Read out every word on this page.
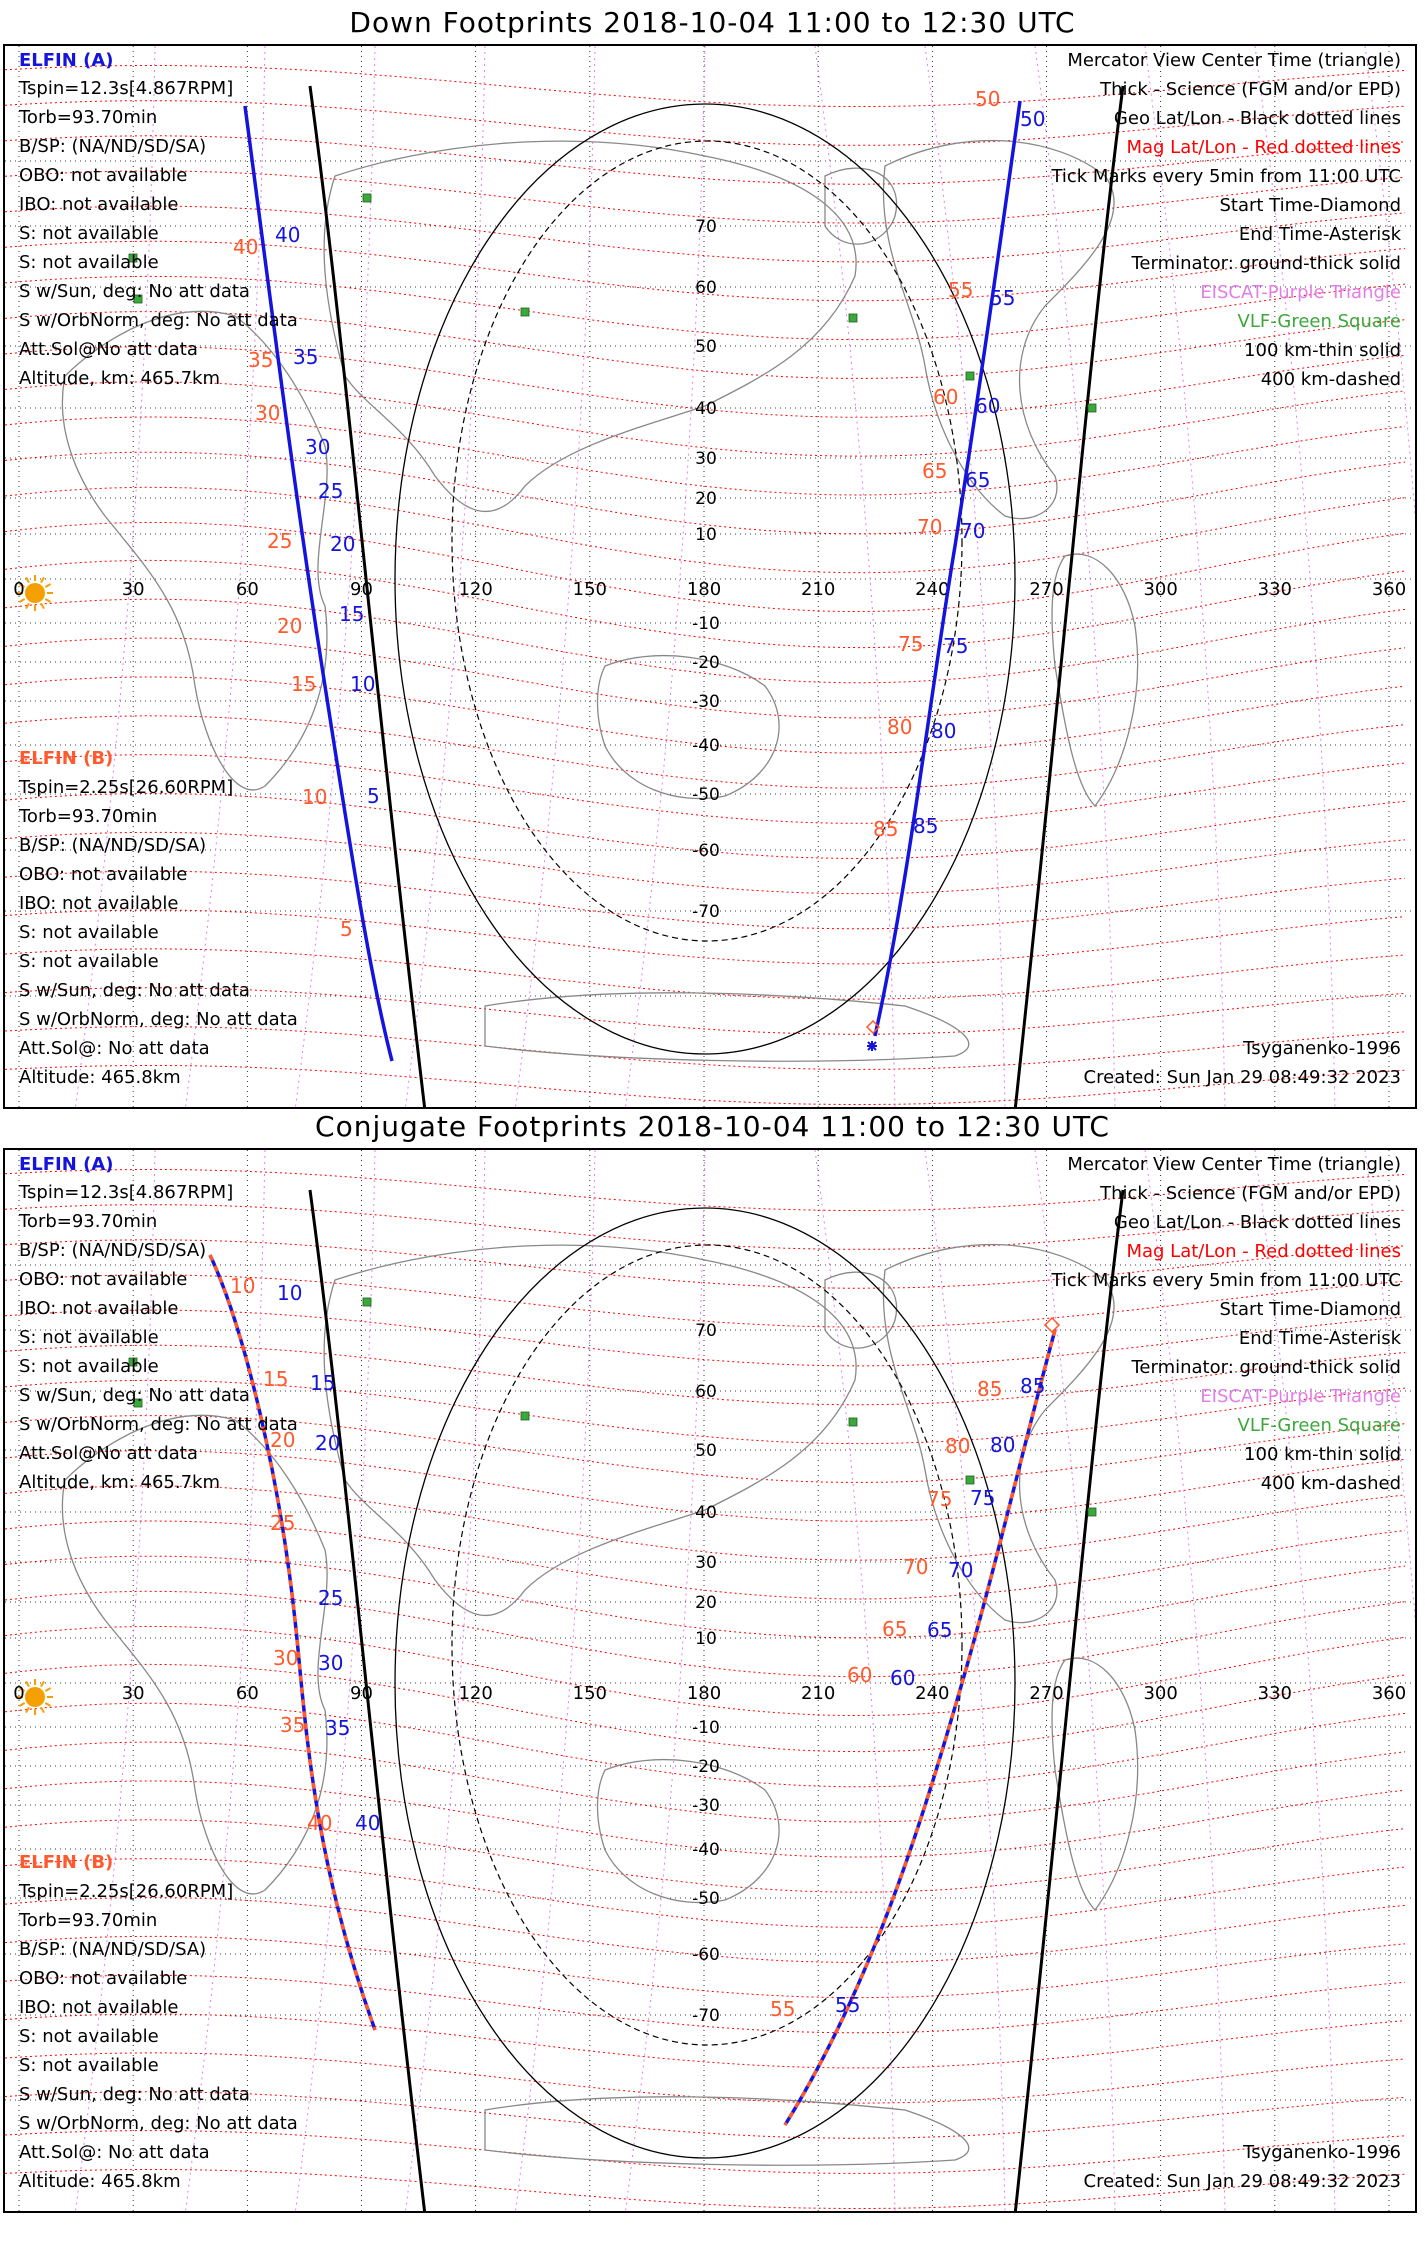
Down Footprints 2018-10-04 11:00 to 12:30 UTC
0	30	60	90	120	150	180	210	240	270	300	330	360
70
60
50
40
30
20
10
-10
-20
-30
-40
-50
-60
-70
40
35
30
25
20
15
10
5
40
35
30
25
20
15
10
5
50
55
60
65
70
75
80
85
50
55
60
65
70
75
80
85
ELFIN (A)
Tspin=12.3s[4.867RPM]
Torb=93.70min
B/SP: (NA/ND/SD/SA)
OBO: not available
IBO: not available
S: not available
S: not available
S w/Sun, deg: No att data
S w/OrbNorm, deg: No att data
Att.Sol@No att data
Altitude, km: 465.7km
ELFIN (B)
Tspin=2.25s[26.60RPM]
Torb=93.70min
B/SP: (NA/ND/SD/SA)
OBO: not available
IBO: not available
S: not available
S: not available
S w/Sun, deg: No att data
S w/OrbNorm, deg: No att data
Att.Sol@: No att data
Altitude: 465.8km
Mercator View Center Time (triangle)
Thick - Science (FGM and/or EPD)
Geo Lat/Lon - Black dotted lines
Mag Lat/Lon - Red dotted lines
Tick Marks every 5min from 11:00 UTC
Start Time-Diamond
End Time-Asterisk
Terminator: ground-thick solid
EISCAT-Purple Triangle
VLF-Green Square
100 km-thin solid
400 km-dashed
Tsyganenko-1996
Created: Sun Jan 29 08:49:32 2023
Conjugate Footprints 2018-10-04 11:00 to 12:30 UTC
0	30	60	90	120	150	180	210	240	270	300	330	360
70
60
50
40
30
20
10
-10
-20
-30
-40
-50
-60
-70
10
15
20
25
30
35
40
10
15
20
25
30
35
40
85
80
75
70
65
60
55
85
80
75
70
65
60
55
ELFIN (A)
Tspin=12.3s[4.867RPM]
Torb=93.70min
B/SP: (NA/ND/SD/SA)
OBO: not available
IBO: not available
S: not available
S: not available
S w/Sun, deg: No att data
S w/OrbNorm, deg: No att data
Att.Sol@No att data
Altitude, km: 465.7km
ELFIN (B)
Tspin=2.25s[26.60RPM]
Torb=93.70min
B/SP: (NA/ND/SD/SA)
OBO: not available
IBO: not available
S: not available
S: not available
S w/Sun, deg: No att data
S w/OrbNorm, deg: No att data
Att.Sol@: No att data
Altitude: 465.8km
Mercator View Center Time (triangle)
Thick - Science (FGM and/or EPD)
Geo Lat/Lon - Black dotted lines
Mag Lat/Lon - Red dotted lines
Tick Marks every 5min from 11:00 UTC
Start Time-Diamond
End Time-Asterisk
Terminator: ground-thick solid
EISCAT-Purple Triangle
VLF-Green Square
100 km-thin solid
400 km-dashed
Tsyganenko-1996
Created: Sun Jan 29 08:49:32 2023
